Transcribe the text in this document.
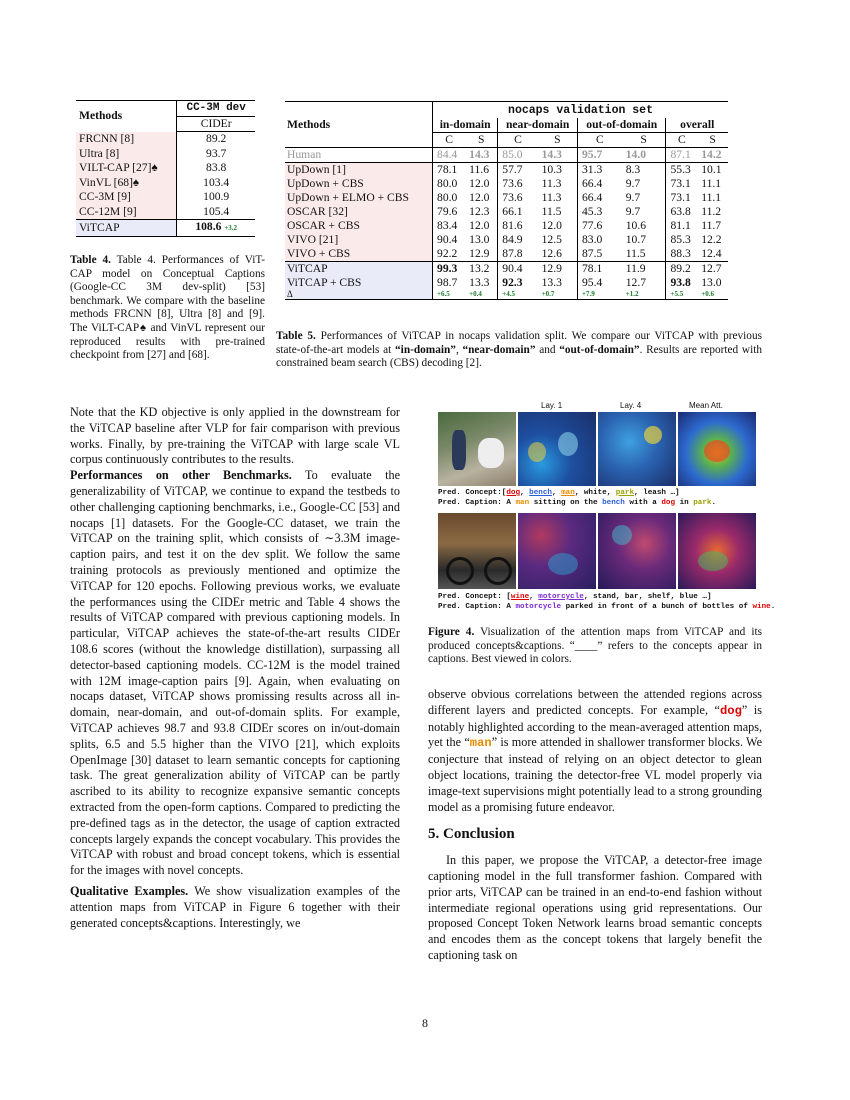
Methods	CC-3M dev
	CIDEr
FRCNN [8]	89.2
Ultra [8]	93.7
VILT-CAP [27]♠	83.8
VinVL [68]♠	103.4
CC-3M [9]	100.9
CC-12M [9]	105.4
ViTCAP	108.6 +3.2
Table 4. Table 4. Performances of ViT-CAP model on Conceptual Captions (Google-CC 3M dev-split) [53] benchmark. We compare with the baseline methods FRCNN [8], Ultra [8] and [9]. The ViLT-CAP♠ and VinVL represent our reproduced results with pre-trained checkpoint from [27] and [68].
Methods	nocaps validation set							
	in-domain		near-domain		out-of-domain		overall	
	C	S	C	S	C	S	C	S
Human	84.4	14.3	85.0	14.3	95.7	14.0	87.1	14.2
UpDown [1]	78.1	11.6	57.7	10.3	31.3	8.3	55.3	10.1
UpDown + CBS	80.0	12.0	73.6	11.3	66.4	9.7	73.1	11.1
UpDown + ELMO + CBS	80.0	12.0	73.6	11.3	66.4	9.7	73.1	11.1
OSCAR [32]	79.6	12.3	66.1	11.5	45.3	9.7	63.8	11.2
OSCAR + CBS	83.4	12.0	81.6	12.0	77.6	10.6	81.1	11.7
VIVO [21]	90.4	13.0	84.9	12.5	83.0	10.7	85.3	12.2
VIVO + CBS	92.2	12.9	87.8	12.6	87.5	11.5	88.3	12.4
ViTCAP	99.3	13.2	90.4	12.9	78.1	11.9	89.2	12.7
ViTCAP + CBS	98.7	13.3	92.3	13.3	95.4	12.7	93.8	13.0
Δ	+6.5	+0.4	+4.5	+0.7	+7.9	+1.2	+5.5	+0.6
Table 5. Performances of ViTCAP in nocaps validation split. We compare our ViTCAP with previous state-of-the-art models at “in-domain”, “near-domain” and “out-of-domain”. Results are reported with constrained beam search (CBS) decoding [2].

Note that the KD objective is only applied in the downstream for the ViTCAP baseline after VLP for fair comparison with previous works. Finally, by pre-training the ViTCAP with large scale VL corpus continuously contributes to the results.

Performances on other Benchmarks. To evaluate the generalizability of ViTCAP, we continue to expand the testbeds to other challenging captioning benchmarks, i.e., Google-CC [53] and nocaps [1] datasets. For the Google-CC dataset, we train the ViTCAP on the training split, which consists of ∼3.3M image-caption pairs, and test it on the dev split. We follow the same training protocols as previously mentioned and optimize the ViTCAP for 120 epochs. Following previous works, we evaluate the performances using the CIDEr metric and Table 4 shows the results of ViTCAP compared with previous captioning models. In particular, ViTCAP achieves the state-of-the-art results CIDEr 108.6 scores (without the knowledge distillation), surpassing all detector-based captioning models. CC-12M is the model trained with 12M image-caption pairs [9]. Again, when evaluating on nocaps dataset, ViTCAP shows promissing results across all in-domain, near-domain, and out-of-domain splits. For example, ViTCAP achieves 98.7 and 93.8 CIDEr scores on in/out-domain splits, 6.5 and 5.5 higher than the VIVO [21], which exploits OpenImage [30] dataset to learn semantic concepts for captioning task. The great generalization ability of ViTCAP can be partly ascribed to its ability to recognize expansive semantic concepts extracted from the open-form captions. Compared to predicting the pre-defined tags as in the detector, the usage of caption extracted concepts largely expands the concept vocabulary. This provides the ViTCAP with robust and broad concept tokens, which is essential for the images with novel concepts.

Qualitative Examples. We show visualization examples of the attention maps from ViTCAP in Figure 6 together with their generated concepts&captions. Interestingly, we

Lay. 1	Lay. 4	Mean Att.
Pred. Concept:[dog, bench, man, white, park, leash …]
Pred. Caption: A man sitting on the bench with a dog in park.
Pred. Concept: [wine, motorcycle, stand, bar, shelf, blue …]
Pred. Caption: A motorcycle parked in front of a bunch of bottles of wine.
Figure 4. Visualization of the attention maps from ViTCAP and its produced concepts&captions. “____” refers to the concepts appear in captions. Best viewed in colors.

observe obvious correlations between the attended regions across different layers and predicted concepts. For example, “dog” is notably highlighted according to the mean-averaged attention maps, yet the “man” is more attended in shallower transformer blocks. We conjecture that instead of relying on an object detector to glean object locations, training the detector-free VL model properly via image-text supervisions might potentially lead to a strong grounding model as a promising future endeavor.

5. Conclusion

In this paper, we propose the ViTCAP, a detector-free image captioning model in the full transformer fashion. Compared with prior arts, ViTCAP can be trained in an end-to-end fashion without intermediate regional operations using grid representations. Our proposed Concept Token Network learns broad semantic concepts and encodes them as the concept tokens that largely benefit the captioning task on

8
